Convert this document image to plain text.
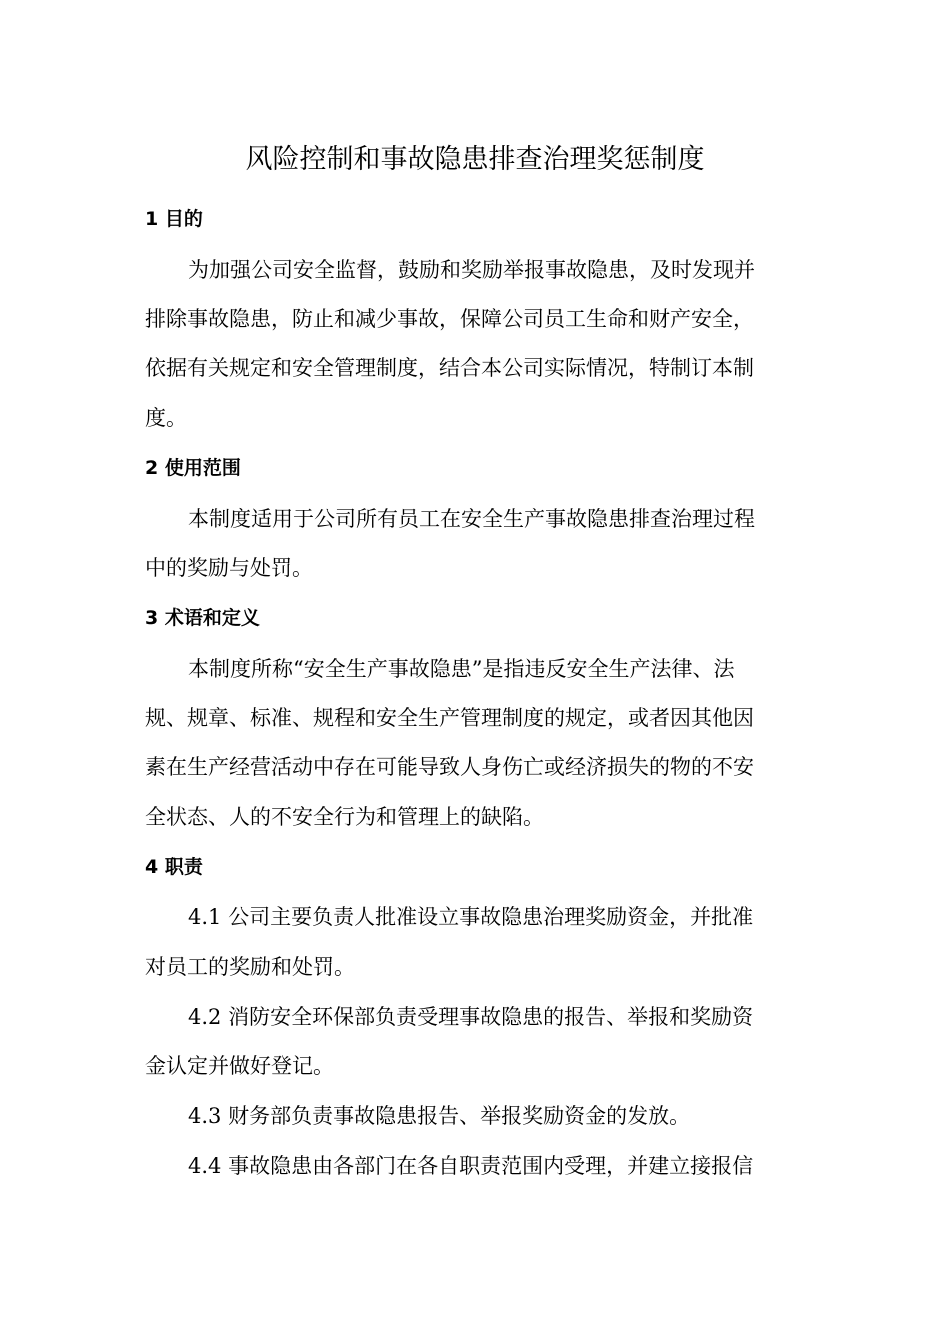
风险控制和事故隐患排查治理奖惩制度

1 目的

为加强公司安全监督，鼓励和奖励举报事故隐患，及时发现并

排除事故隐患，防止和减少事故，保障公司员工生命和财产安全，

依据有关规定和安全管理制度，结合本公司实际情况，特制订本制

度。

2 使用范围

本制度适用于公司所有员工在安全生产事故隐患排查治理过程

中的奖励与处罚。

3 术语和定义

本制度所称“安全生产事故隐患”是指违反安全生产法律、法

规、规章、标准、规程和安全生产管理制度的规定，或者因其他因

素在生产经营活动中存在可能导致人身伤亡或经济损失的物的不安

全状态、人的不安全行为和管理上的缺陷。

4 职责

4.1 公司主要负责人批准设立事故隐患治理奖励资金，并批准

对员工的奖励和处罚。

4.2 消防安全环保部负责受理事故隐患的报告、举报和奖励资

金认定并做好登记。

4.3 财务部负责事故隐患报告、举报奖励资金的发放。

4.4 事故隐患由各部门在各自职责范围内受理，并建立接报信
